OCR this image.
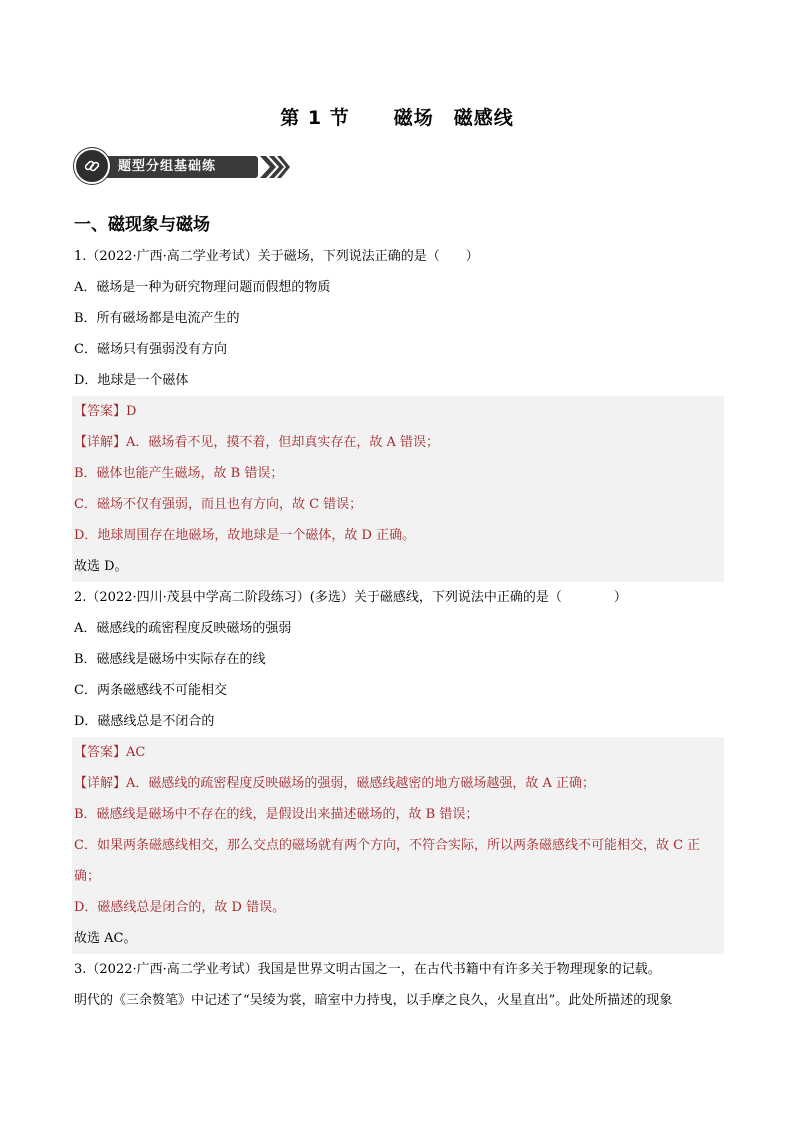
第 1 节 磁场　磁感线
题型分组基础练
一、磁现象与磁场
1.（2022·广西·高二学业考试）关于磁场，下列说法正确的是（　　）
A．磁场是一种为研究物理问题而假想的物质
B．所有磁场都是电流产生的
C．磁场只有强弱没有方向
D．地球是一个磁体
【答案】D
【详解】A．磁场看不见，摸不着，但却真实存在，故 A 错误；
B．磁体也能产生磁场，故 B 错误；
C．磁场不仅有强弱，而且也有方向，故 C 错误；
D．地球周围存在地磁场，故地球是一个磁体，故 D 正确。
故选 D。
2.（2022·四川·茂县中学高二阶段练习）(多选）关于磁感线，下列说法中正确的是（　　　　）
A．磁感线的疏密程度反映磁场的强弱
B．磁感线是磁场中实际存在的线
C．两条磁感线不可能相交
D．磁感线总是不闭合的
【答案】AC
【详解】A．磁感线的疏密程度反映磁场的强弱，磁感线越密的地方磁场越强，故 A 正确；
B．磁感线是磁场中不存在的线，是假设出来描述磁场的，故 B 错误；
C．如果两条磁感线相交，那么交点的磁场就有两个方向，不符合实际，所以两条磁感线不可能相交，故 C 正确；
D．磁感线总是闭合的，故 D 错误。
故选 AC。
3.（2022·广西·高二学业考试）我国是世界文明古国之一，在古代书籍中有许多关于物理现象的记载。
明代的《三余赘笔》中记述了“吴绫为裳，暗室中力持曳，以手摩之良久，火星直出”。此处所描述的现象
